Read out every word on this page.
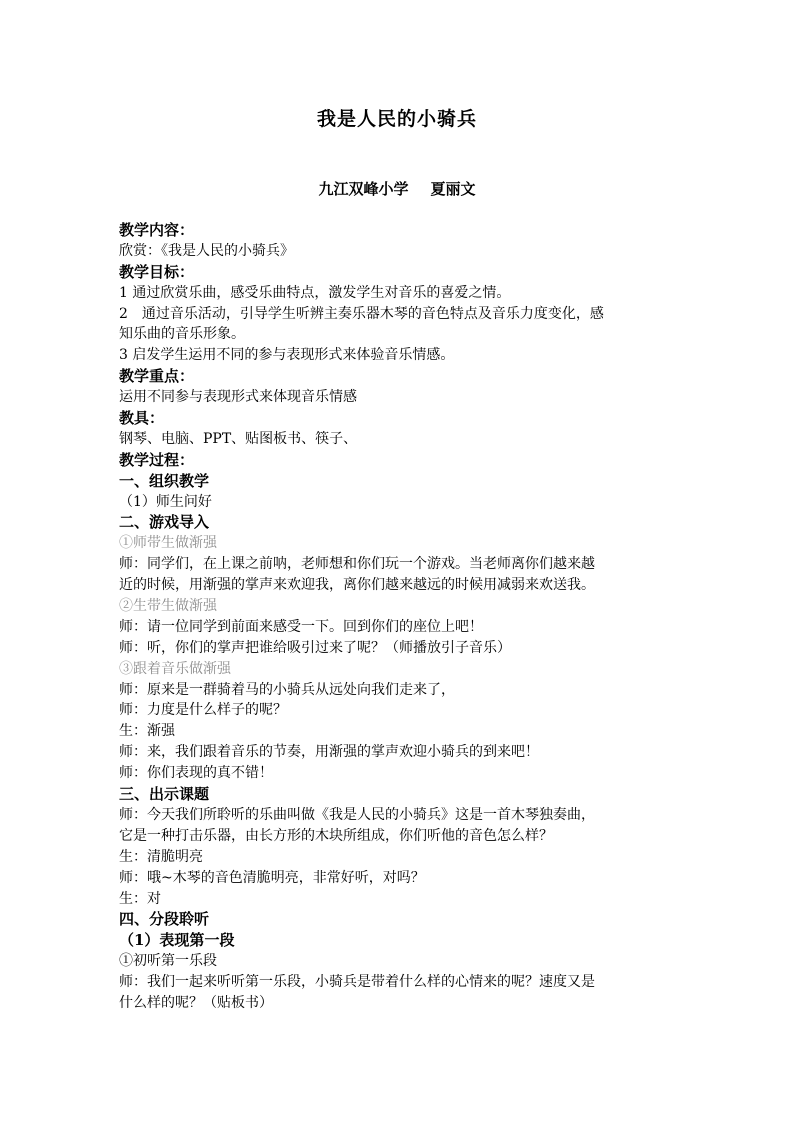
我是人民的小骑兵
九江双峰小学 夏丽文
教学内容：
欣赏：《我是人民的小骑兵》
教学目标：
1 通过欣赏乐曲，感受乐曲特点，激发学生对音乐的喜爱之情。
2　通过音乐活动，引导学生听辨主奏乐器木琴的音色特点及音乐力度变化，感
知乐曲的音乐形象。
3 启发学生运用不同的参与表现形式来体验音乐情感。
教学重点：
运用不同参与表现形式来体现音乐情感
教具：
钢琴、电脑、PPT、贴图板书、筷子、
教学过程：
一、组织教学
（1）师生问好
二、游戏导入
①师带生做渐强
师：同学们，在上课之前呐，老师想和你们玩一个游戏。当老师离你们越来越
近的时候，用渐强的掌声来欢迎我，离你们越来越远的时候用减弱来欢送我。
②生带生做渐强
师：请一位同学到前面来感受一下。回到你们的座位上吧！
师：听，你们的掌声把谁给吸引过来了呢？（师播放引子音乐）
③跟着音乐做渐强
师：原来是一群骑着马的小骑兵从远处向我们走来了，
师：力度是什么样子的呢？
生：渐强
师：来，我们跟着音乐的节奏，用渐强的掌声欢迎小骑兵的到来吧！
师：你们表现的真不错！
三、出示课题
师：今天我们所聆听的乐曲叫做《我是人民的小骑兵》这是一首木琴独奏曲，
它是一种打击乐器，由长方形的木块所组成，你们听他的音色怎么样？
生：清脆明亮
师：哦~木琴的音色清脆明亮，非常好听，对吗？
生：对
四、分段聆听
（1）表现第一段
①初听第一乐段
师：我们一起来听听第一乐段，小骑兵是带着什么样的心情来的呢？速度又是
什么样的呢？（贴板书）
